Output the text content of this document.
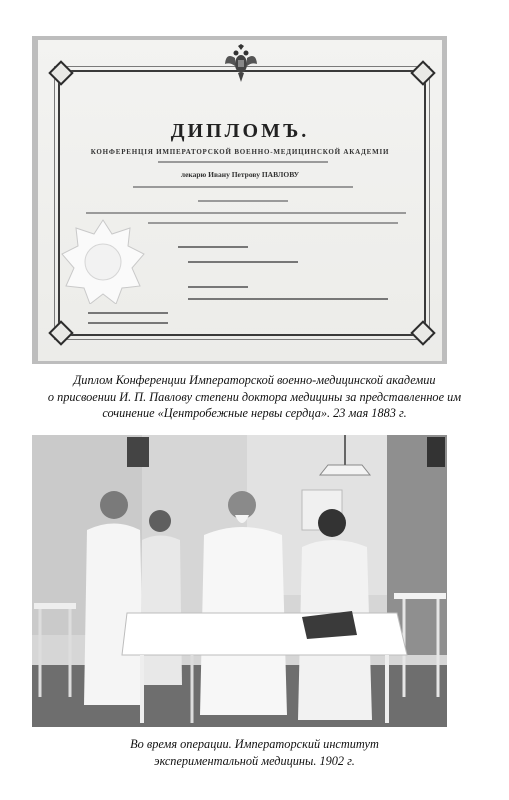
ДИПЛОМЪ.
КОНФЕРЕНЦІЯ ИМПЕРАТОРСКОЙ ВОЕННО-МЕДИЦИНСКОЙ АКАДЕМІИ
лекарю Ивану Петрову ПАВЛОВУ
Диплом Конференции Императорской военно-медицинской академии
о присвоении И. П. Павлову степени доктора медицины за представленное им
сочинение «Центробежные нервы сердца». 23 мая 1883 г.
Во время операции. Императорский институт
экспериментальной медицины. 1902 г.
